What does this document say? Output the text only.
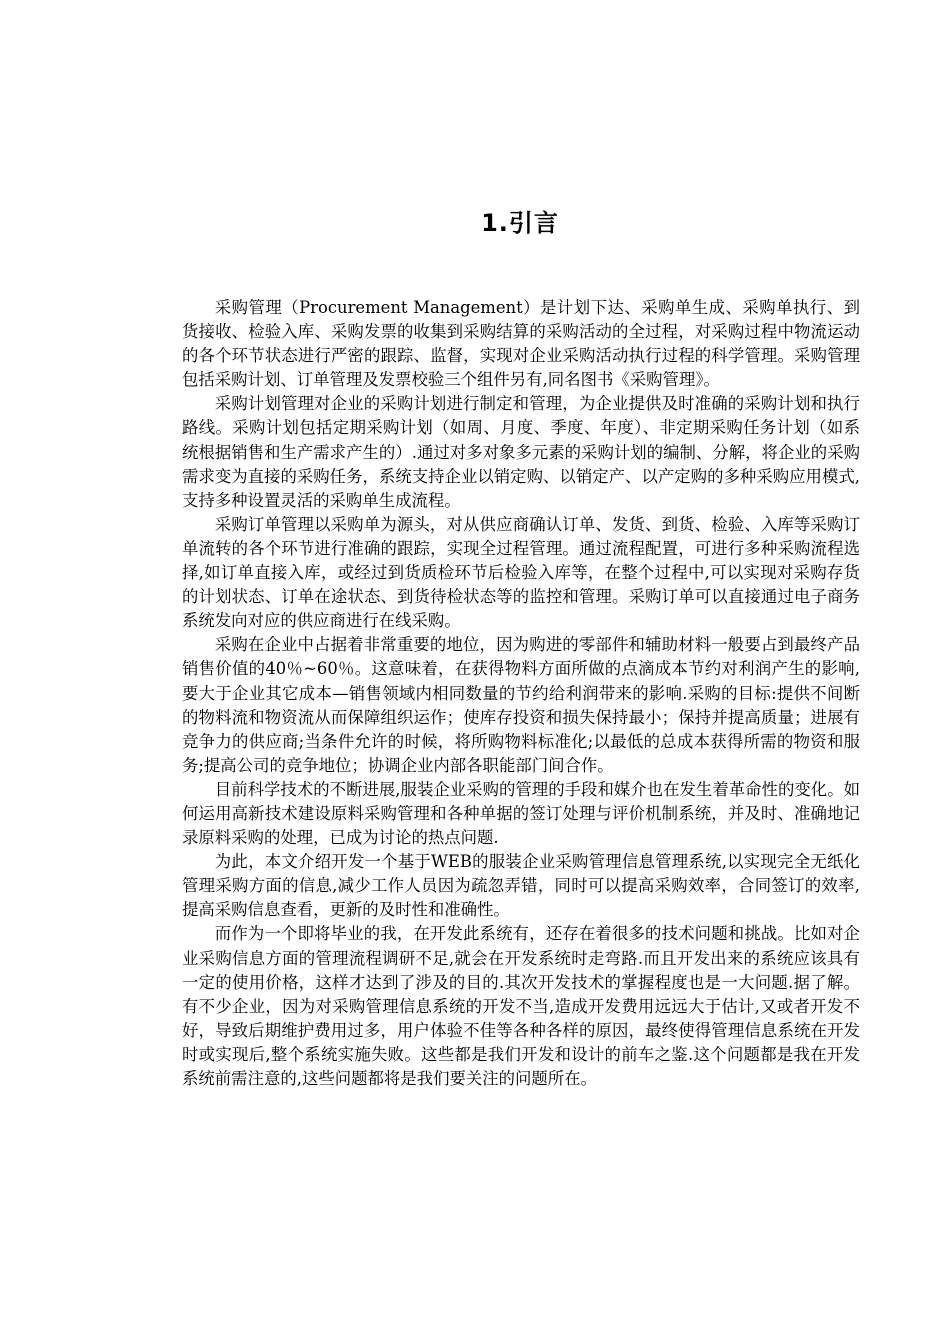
1.引言

采购管理（Procurement Management）是计划下达、采购单生成、采购单执行、到货接收、检验入库、采购发票的收集到采购结算的采购活动的全过程，对采购过程中物流运动的各个环节状态进行严密的跟踪、监督，实现对企业采购活动执行过程的科学管理。采购管理包括采购计划、订单管理及发票校验三个组件另有,同名图书《采购管理》。

采购计划管理对企业的采购计划进行制定和管理，为企业提供及时准确的采购计划和执行路线。采购计划包括定期采购计划（如周、月度、季度、年度）、非定期采购任务计划（如系统根据销售和生产需求产生的）.通过对多对象多元素的采购计划的编制、分解，将企业的采购需求变为直接的采购任务，系统支持企业以销定购、以销定产、以产定购的多种采购应用模式,支持多种设置灵活的采购单生成流程。

采购订单管理以采购单为源头，对从供应商确认订单、发货、到货、检验、入库等采购订单流转的各个环节进行准确的跟踪，实现全过程管理。通过流程配置，可进行多种采购流程选择,如订单直接入库，或经过到货质检环节后检验入库等，在整个过程中,可以实现对采购存货的计划状态、订单在途状态、到货待检状态等的监控和管理。采购订单可以直接通过电子商务系统发向对应的供应商进行在线采购。

采购在企业中占据着非常重要的地位，因为购进的零部件和辅助材料一般要占到最终产品销售价值的40％~60％。这意味着，在获得物料方面所做的点滴成本节约对利润产生的影响,要大于企业其它成本—销售领域内相同数量的节约给利润带来的影响.采购的目标:提供不间断的物料流和物资流从而保障组织运作；使库存投资和损失保持最小；保持并提高质量；进展有竞争力的供应商;当条件允许的时候，将所购物料标准化;以最低的总成本获得所需的物资和服务;提高公司的竞争地位；协调企业内部各职能部门间合作。

目前科学技术的不断进展,服装企业采购的管理的手段和媒介也在发生着革命性的变化。如何运用高新技术建设原料采购管理和各种单据的签订处理与评价机制系统，并及时、准确地记录原料采购的处理，已成为讨论的热点问题.

为此，本文介绍开发一个基于WEB的服装企业采购管理信息管理系统,以实现完全无纸化管理采购方面的信息,减少工作人员因为疏忽弄错，同时可以提高采购效率，合同签订的效率,提高采购信息查看，更新的及时性和准确性。

而作为一个即将毕业的我，在开发此系统有，还存在着很多的技术问题和挑战。比如对企业采购信息方面的管理流程调研不足,就会在开发系统时走弯路.而且开发出来的系统应该具有一定的使用价格，这样才达到了涉及的目的.其次开发技术的掌握程度也是一大问题.据了解。有不少企业，因为对采购管理信息系统的开发不当,造成开发费用远远大于估计,又或者开发不好，导致后期维护费用过多，用户体验不佳等各种各样的原因，最终使得管理信息系统在开发时或实现后,整个系统实施失败。这些都是我们开发和设计的前车之鉴.这个问题都是我在开发系统前需注意的,这些问题都将是我们要关注的问题所在。
